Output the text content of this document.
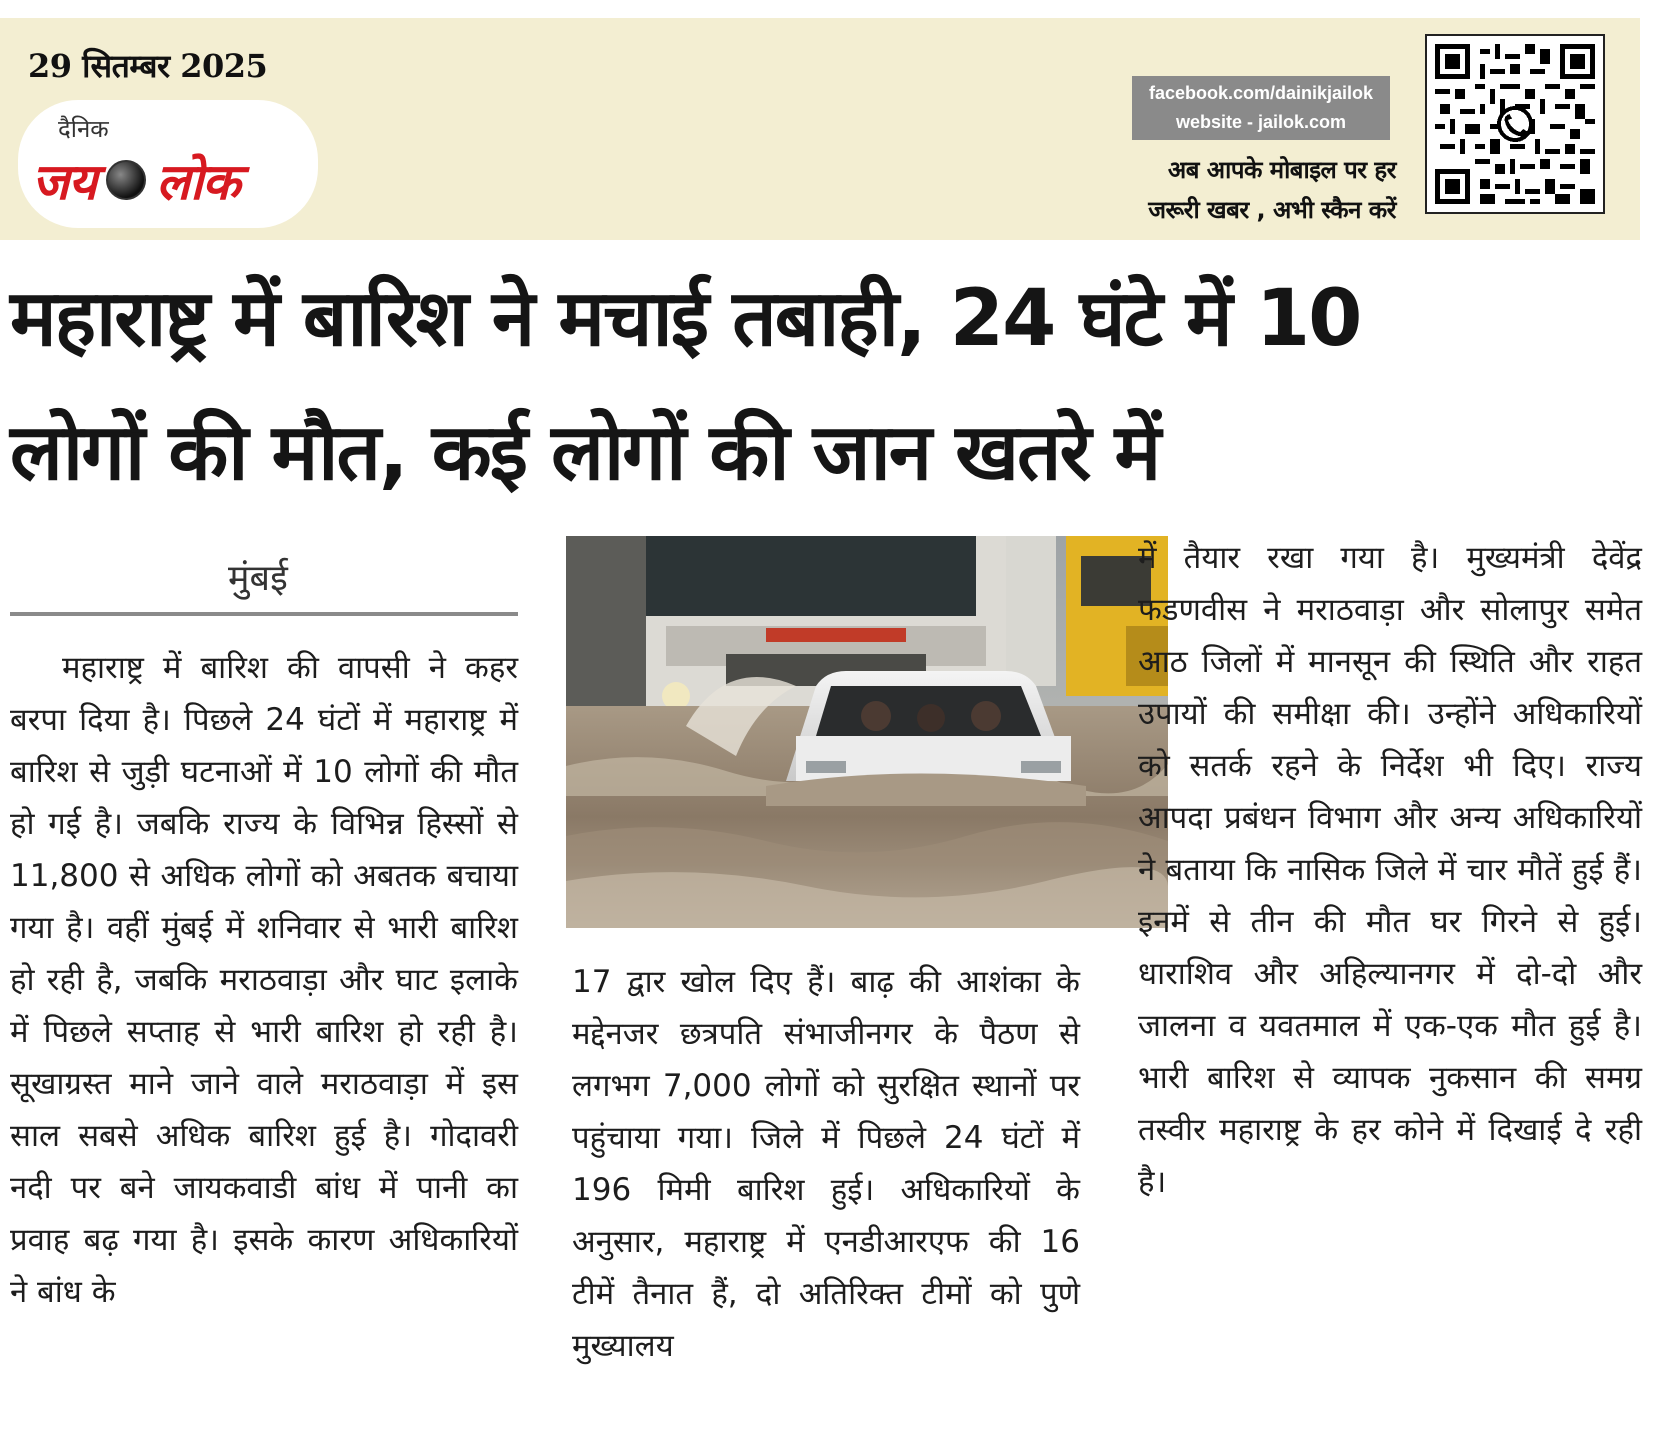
29 सितम्बर 2025
दैनिक
जय लोक
facebook.com/dainikjailok
website - jailok.com
अब आपके मोबाइल पर हर
जरूरी खबर , अभी स्कैन करें
महाराष्ट्र में बारिश ने मचाई तबाही, 24 घंटे में 10
लोगों की मौत, कई लोगों की जान खतरे में
मुंबई

महाराष्ट्र में बारिश की वापसी ने कहर बरपा दिया है। पिछले 24 घंटों में महाराष्ट्र में बारिश से जुड़ी घटनाओं में 10 लोगों की मौत हो गई है। जबकि राज्य के विभिन्न हिस्सों से 11,800 से अधिक लोगों को अबतक बचाया गया है। वहीं मुंबई में शनिवार से भारी बारिश हो रही है, जबकि मराठवाड़ा और घाट इलाके में पिछले सप्ताह से भारी बारिश हो रही है। सूखाग्रस्त माने जाने वाले मराठवाड़ा में इस साल सबसे अधिक बारिश हुई है। गोदावरी नदी पर बने जायकवाडी बांध में पानी का प्रवाह बढ़ गया है। इसके कारण अधिकारियों ने बांध के

17 द्वार खोल दिए हैं। बाढ़ की आशंका के मद्देनजर छत्रपति संभाजीनगर के पैठण से लगभग 7,000 लोगों को सुरक्षित स्थानों पर पहुंचाया गया। जिले में पिछले 24 घंटों में 196 मिमी बारिश हुई। अधिकारियों के अनुसार, महाराष्ट्र में एनडीआरएफ की 16 टीमें तैनात हैं, दो अतिरिक्त टीमों को पुणे मुख्यालय

में तैयार रखा गया है। मुख्यमंत्री देवेंद्र फडणवीस ने मराठवाड़ा और सोलापुर समेत आठ जिलों में मानसून की स्थिति और राहत उपायों की समीक्षा की। उन्होंने अधिकारियों को सतर्क रहने के निर्देश भी दिए। राज्य आपदा प्रबंधन विभाग और अन्य अधिकारियों ने बताया कि नासिक जिले में चार मौतें हुई हैं। इनमें से तीन की मौत घर गिरने से हुई। धाराशिव और अहिल्यानगर में दो-दो और जालना व यवतमाल में एक-एक मौत हुई है। भारी बारिश से व्यापक नुकसान की समग्र तस्वीर महाराष्ट्र के हर कोने में दिखाई दे रही है।
